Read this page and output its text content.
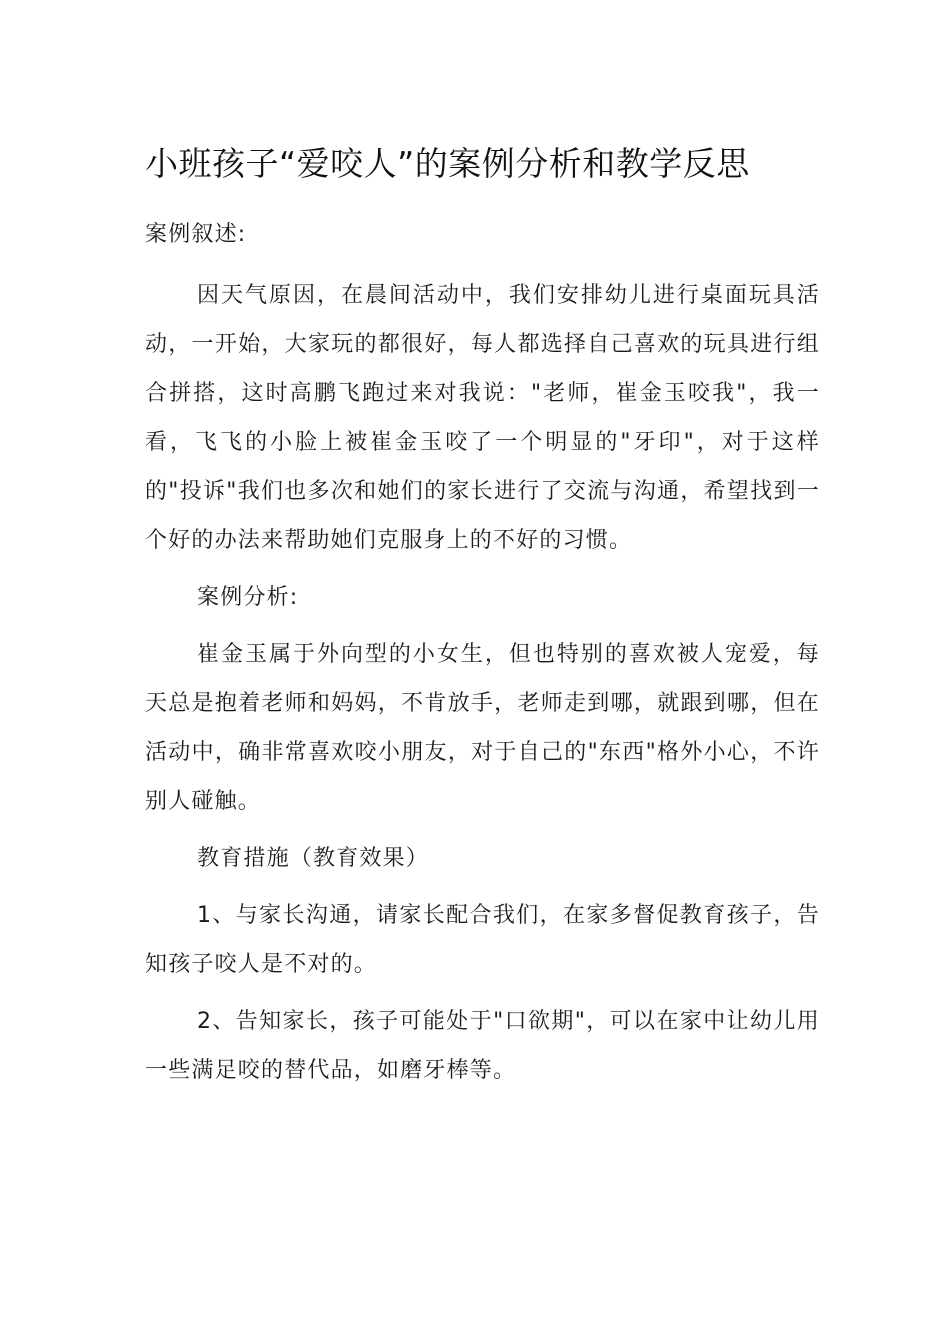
小班孩子“爱咬人”的案例分析和教学反思

案例叙述:

因天气原因，在晨间活动中，我们安排幼儿进行桌面玩具活动，一开始，大家玩的都很好，每人都选择自己喜欢的玩具进行组合拼搭，这时高鹏飞跑过来对我说："老师，崔金玉咬我"，我一看，飞飞的小脸上被崔金玉咬了一个明显的"牙印"，对于这样的"投诉"我们也多次和她们的家长进行了交流与沟通，希望找到一个好的办法来帮助她们克服身上的不好的习惯。

案例分析:

崔金玉属于外向型的小女生，但也特别的喜欢被人宠爱，每天总是抱着老师和妈妈，不肯放手，老师走到哪，就跟到哪，但在活动中，确非常喜欢咬小朋友，对于自己的"东西"格外小心，不许别人碰触。

教育措施（教育效果）

1、与家长沟通，请家长配合我们，在家多督促教育孩子，告知孩子咬人是不对的。

2、告知家长，孩子可能处于"口欲期"，可以在家中让幼儿用一些满足咬的替代品，如磨牙棒等。
